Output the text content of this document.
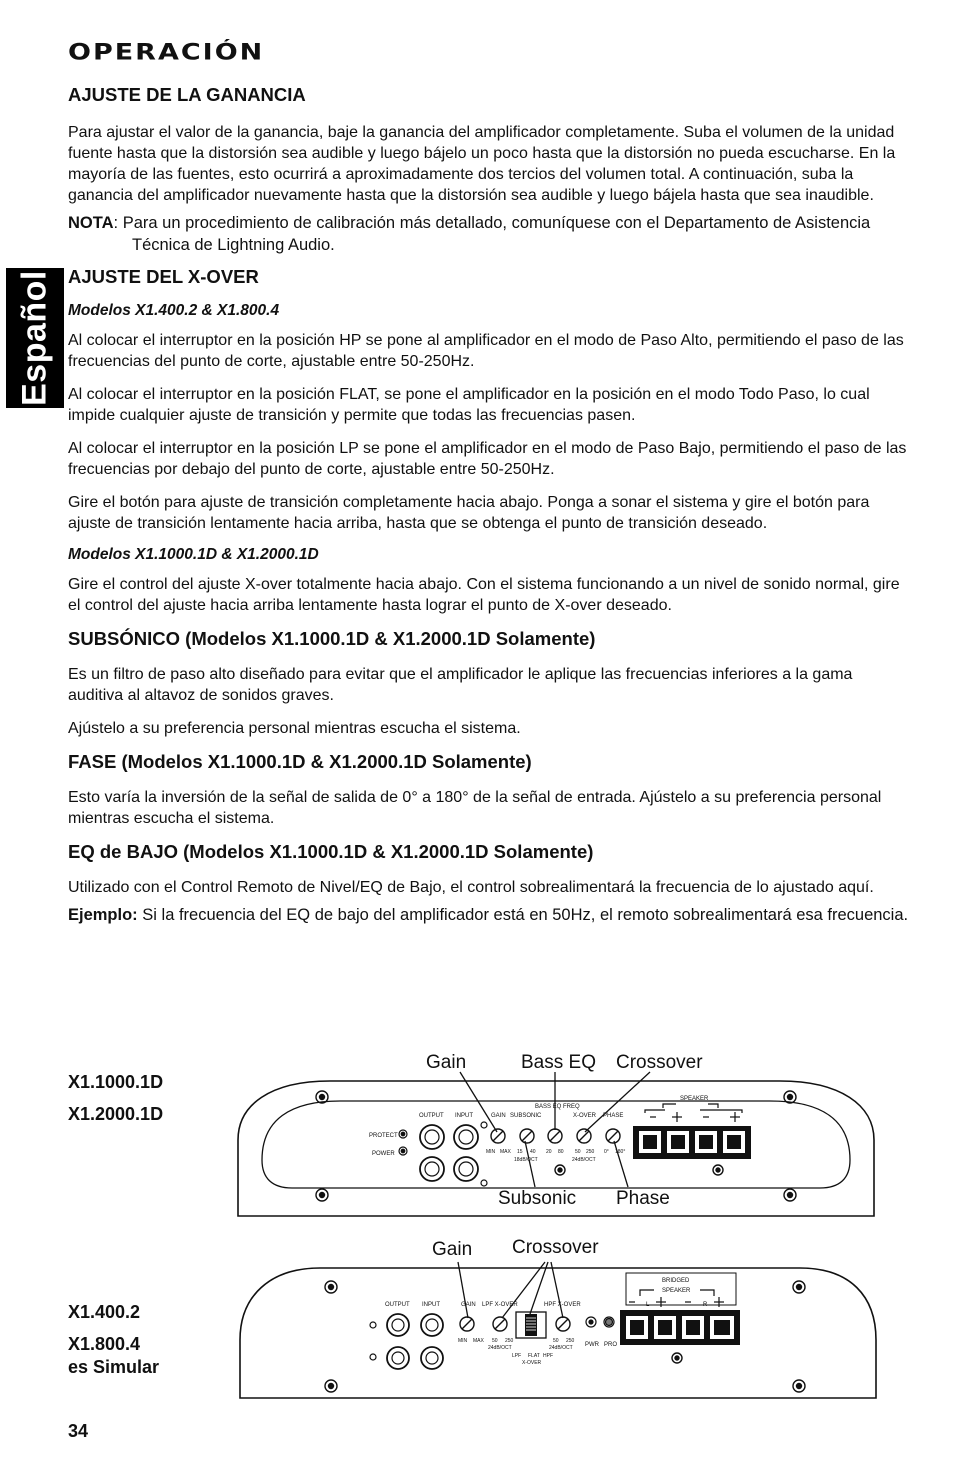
Español
OPERACIÓN
AJUSTE DE LA GANANCIA

Para ajustar el valor de la ganancia, baje la ganancia del amplificador completamente. Suba el volumen de la unidad fuente hasta que la distorsión sea audible y luego bájelo un poco hasta que la distorsión no pueda escucharse. En la mayoría de las fuentes, esto ocurrirá a aproximadamente dos tercios del volumen total. A continuación, suba la ganancia del amplificador nuevamente hasta que la distorsión sea audible y luego bájela hasta que sea inaudible.

NOTA: Para un procedimiento de calibración más detallado, comuníquese con el Departamento de Asistencia Técnica de Lightning Audio.

AJUSTE DEL X-OVER
Modelos X1.400.2 & X1.800.4

Al colocar el interruptor en la posición HP se pone al amplificador en el modo de Paso Alto, permitiendo el paso de las frecuencias del punto de corte, ajustable entre 50-250Hz.

Al colocar el interruptor en la posición FLAT, se pone el amplificador en la posición en el modo Todo Paso, lo cual impide cualquier ajuste de transición y permite que todas las frecuencias pasen.

Al colocar el interruptor en la posición LP se pone el amplificador en el modo de Paso Bajo, permitiendo el paso de las frecuencias por debajo del punto de corte, ajustable entre 50-250Hz.

Gire el botón para ajuste de transición completamente hacia abajo. Ponga a sonar el sistema y gire el botón para ajuste de transición lentamente hacia arriba, hasta que se obtenga el punto de transición deseado.

Modelos X1.1000.1D & X1.2000.1D

Gire el control del ajuste X-over totalmente hacia abajo. Con el sistema funcionando a un nivel de sonido normal, gire el control del ajuste hacia arriba lentamente hasta lograr el punto de X-over deseado.

SUBSÓNICO (Modelos X1.1000.1D & X1.2000.1D Solamente)

Es un filtro de paso alto diseñado para evitar que el amplificador le aplique las frecuencias inferiores a la gama auditiva al altavoz de sonidos graves.

Ajústelo a su preferencia personal mientras escucha el sistema.

FASE (Modelos X1.1000.1D & X1.2000.1D Solamente)

Esto varía la inversión de la señal de salida de 0° a 180° de la señal de entrada. Ajústelo a su preferencia personal mientras escucha el sistema.

EQ de BAJO (Modelos X1.1000.1D & X1.2000.1D Solamente)

Utilizado con el Control Remoto de Nivel/EQ de Bajo, el control sobrealimentará la frecuencia de lo ajustado aquí.

Ejemplo: Si la frecuencia del EQ de bajo del amplificador está en 50Hz, el remoto sobrealimentará esa frecuencia.

X1.1000.1D
X1.2000.1D
X1.400.2
X1.800.4
es Simular
PROTECT
POWER
OUTPUT INPUT	GAIN SUBSONIC
BASS EQ FREQ
X-OVER PHASE
SPEAKER
MIN MAX 15 40
18dB/OCT
20 80 50 250
24dB/OCT
0° 180°
Gain	Bass EQ Crossover
Subsonic Phase
OUTPUT INPUT	GAIN LPF X-OVER	HPF X-OVER
BRIDGED
SPEAKER
L	R
MIN MAX 50 250
24dB/OCT
50 250
24dB/OCT
LPF FLAT HPF
X-OVER
PWR PRO
Gain Crossover
34
